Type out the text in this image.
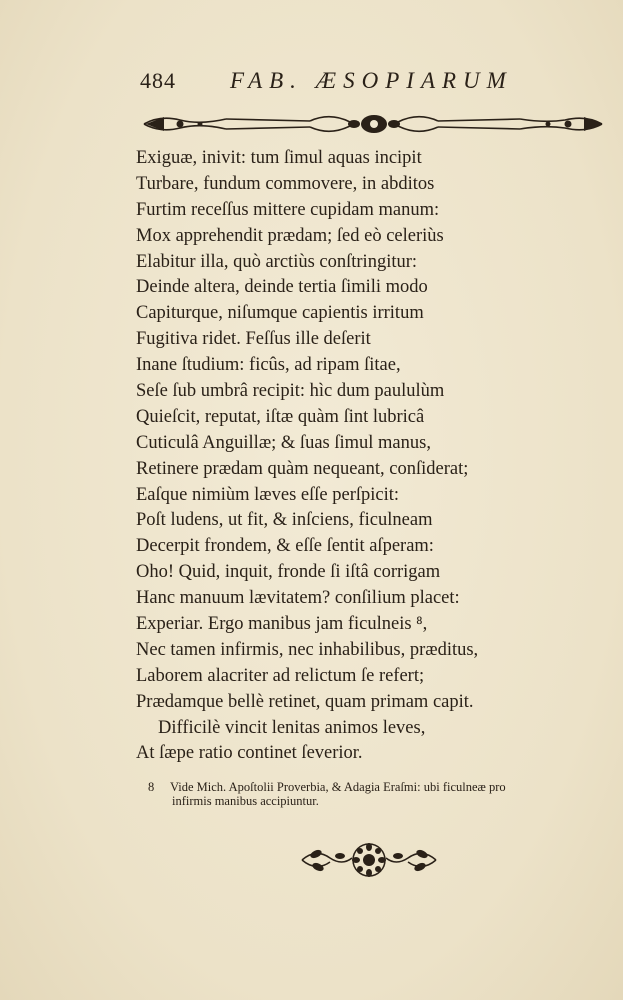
484 FAB. ÆSOPIARUM
Exiguæ, inivit: tum ſimul aquas incipit
Turbare, fundum commovere, in abditos
Furtim receſſus mittere cupidam manum:
Mox apprehendit prædam; ſed eò celeriùs
Elabitur illa, quò arctiùs conſtringitur:
Deinde altera, deinde tertia ſimili modo
Capiturque, niſumque capientis irritum
Fugitiva ridet. Feſſus ille deſerit
Inane ſtudium: ficûs, ad ripam ſitae,
Seſe ſub umbrâ recipit: hìc dum paululùm
Quieſcit, reputat, iſtæ quàm ſint lubricâ
Cuticulâ Anguillæ; & ſuas ſimul manus,
Retinere prædam quàm nequeant, conſiderat;
Eaſque nimiùm læves eſſe perſpicit:
Poſt ludens, ut fit, & inſciens, ficulneam
Decerpit frondem, & eſſe ſentit aſperam:
Oho! Quid, inquit, fronde ſi iſtâ corrigam
Hanc manuum lævitatem? conſilium placet:
Experiar. Ergo manibus jam ficulneis ⁸,
Nec tamen infirmis, nec inhabilibus, præditus,
Laborem alacriter ad relictum ſe refert;
Prædamque bellè retinet, quam primam capit.
Difficilè vincit lenitas animos leves,
At ſæpe ratio continet ſeverior.
8 Vide Mich. Apoſtolii Proverbia, & Adagia Eraſmi: ubi ficulneæ pro
infirmis manibus accipiuntur.
